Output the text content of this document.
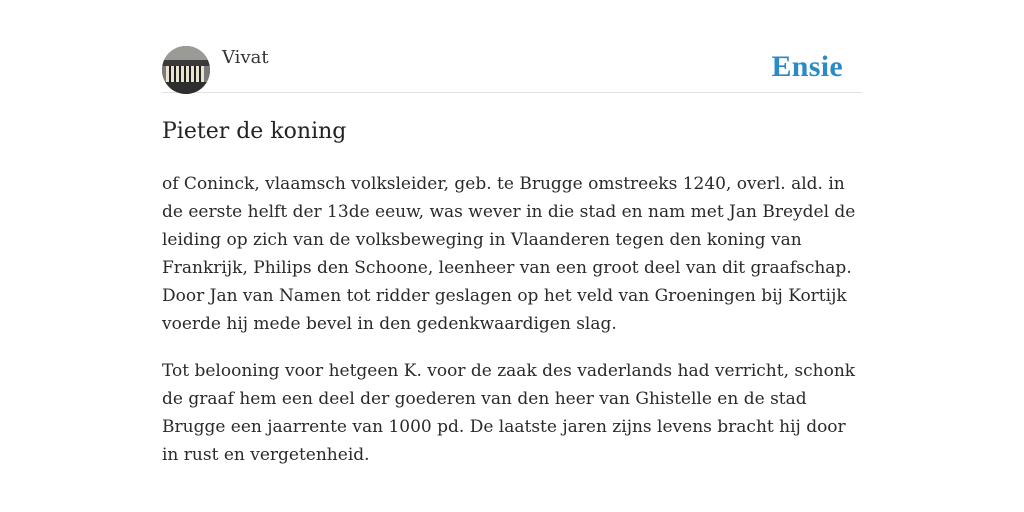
Vivat	Ensie
Pieter de koning

of Coninck, vlaamsch volksleider, geb. te Brugge omstreeks 1240, overl. ald. in de eerste helft der 13de eeuw, was wever in die stad en nam met Jan Breydel de leiding op zich van de volksbeweging in Vlaanderen tegen den koning van Frankrijk, Philips den Schoone, leenheer van een groot deel van dit graafschap. Door Jan van Namen tot ridder geslagen op het veld van Groeningen bij Kortijk voerde hij mede bevel in den gedenkwaardigen slag.

Tot belooning voor hetgeen K. voor de zaak des vaderlands had verricht, schonk de graaf hem een deel der goederen van den heer van Ghistelle en de stad Brugge een jaarrente van 1000 pd. De laatste jaren zijns levens bracht hij door in rust en vergetenheid.
